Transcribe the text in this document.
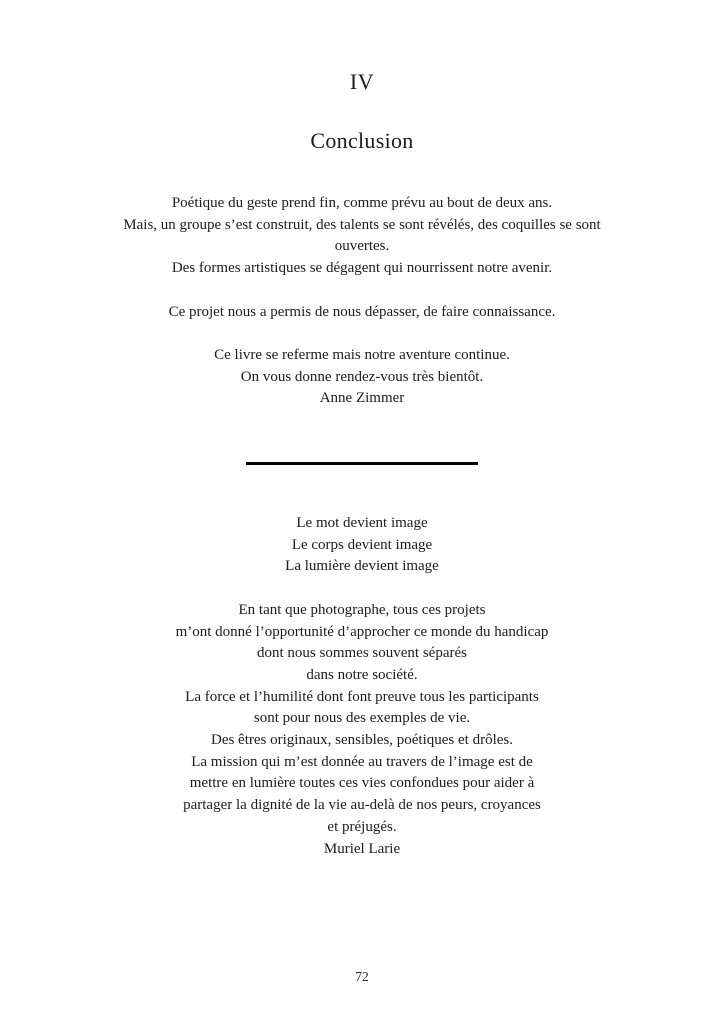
IV
Conclusion

Poétique du geste prend fin, comme prévu au bout de deux ans.
Mais, un groupe s’est construit, des talents se sont révélés, des coquilles se sont
ouvertes.
Des formes artistiques se dégagent qui nourrissent notre avenir.

Ce projet nous a permis de nous dépasser, de faire connaissance.

Ce livre se referme mais notre aventure continue.
On vous donne rendez-vous très bientôt.
Anne Zimmer

Le mot devient image
Le corps devient image
La lumière devient image

En tant que photographe, tous ces projets
m’ont donné l’opportunité d’approcher ce monde du handicap
dont nous sommes souvent séparés
dans notre société.
La force et l’humilité dont font preuve tous les participants
sont pour nous des exemples de vie.
Des êtres originaux, sensibles, poétiques et drôles.
La mission qui m’est donnée au travers de l’image est de
mettre en lumière toutes ces vies confondues pour aider à
partager la dignité de la vie au-delà de nos peurs, croyances
et préjugés.
Muriel Larie

72
